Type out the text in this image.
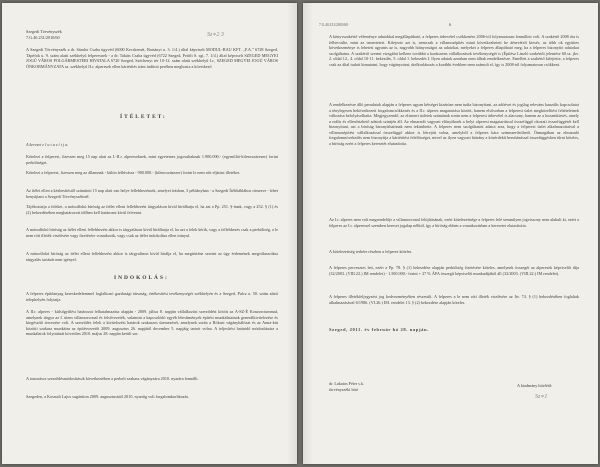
Szegedi Törvényszék
7.G.40.231/2010/60	Sz∗2 3
A Szegedi Törvényszék a dr. Sándor Csaba ügyvéd (6000 Kecskemét, Batsányi u. 3. 1/4.) által képviselt MODUL-BAU KFT. „F.A.” 6728 Szeged, Tápéfok u. 9. szám alatti székhelyű felperesnek - a dr. Takáts Csaba ügyvéd (6722 Szeged, Petőfi S. sgt. 7. 1/4.) által képviselt SZEGED MEGYEI JOGÚ VÁROS POLGÁRMESTERI HIVATALA 6720 Szeged, Széchenyi tér 10-12. szám alatti székhelyű I.r., SZEGED MEGYEI JOGÚ VÁROS ÖNKORMÁNYZATA sz. székhelyű II.r. alperesek ellen kártérítés iránt indított perében meghozta a következő
ÍTÉLETET:
A kereset e l u t a s í t j a.
Kötelezi a felperest, fizessen meg 15 nap alatt az I.-II.r. alpereseknek, mint egyetemes jogosultaknak 1.900.000.- (egymillió-kilencszázezer) forint perköltséget.
Kötelezi a felperest, fizessen meg az államnak - külön felhívásra - 900.000.- (kilencszázezer) forint le nem rótt eljárási illetéket.
Az ítélet ellen a kézbesítéstől számított 15 nap alatt van helye fellebbezésnek, amelyet írásban, 3 példányban - a Szegedi Ítélőtáblához címezve - lehet benyújtani a Szegedi Törvényszéknél.
Tájékoztatja a feleket, a másodfokú bíróság az ítélet elleni fellebbezést tárgyaláson kívül bírálhatja el, ha azt a Pp. 251. §-ának, vagy a 252. § (1) és (2) bekezdésében meghatározott időben kell határozni kívül felvenni.
A másodfokú bíróság az ítélet elleni fellebbezést akkor is tárgyaláson kívül bírálhatja el, ha azt a felek kérik, vagy a fellebbezés csak a perköltség, a le nem rótt illeték viselésére vagy fizetésére vonatkozik, vagy csak az ítélet indokolása ellen irányul.
A másodfokú bíróság az ítélet elleni fellebbezést akkor is tárgyaláson kívül bírálja el, ha megtörténe szerint az ügy érdemének megválaszolása tárgyalás tartását nem igényel.
INDOKOLÁS:
A felperes építőanyag kereskedelemmel foglalkozó gazdasági társaság, értékesítési tevékenységét székhelyén és a Szeged, Pulcz u. 50. szám alatti telephelyén folytatja.
A II.r. alperes - külsőgyűlési határozat felhatalmazása alapján - 2009. július 8. napján vállalkozási szerződést kötött az A-SZ-É Konzorciummal, amelynek tárgya az I. ütem villamosvonal és felsővezeték, valamint a kapcsolódó egyéb létesítmények építési munkálatainak generálkivitelezése és kiegészítő tervezése volt. A szerződés felek a kivitelezési határok szakaszos ütemezését, amelynek során a Rókusi vágányhálózat és az Anna-kút közötti szakasz munkáira az építésvezetői 2009. augusztus 26. napjától december 5. napjáig tartott volna. A teljesítési határidő módosítására a munkálatok folytatását követően 2010. május 28. napján került sor.
A tonozásos szerződésmódosítások következtében a perbeli szakasz vágányzára 2010. nyarára fennállt.
Szegeden, a Kossuth Lajos sugárúton 2009. augusztusától 2010. nyaráig volt forgalomkorlátozás.
7.G.40.231/2010/60	6
A könyvszakértő véleménye adatokkal megállapítható, a felperes árbevétel csökkenése 2006-tól folyamatosan fennállott volt. A szakértő 2008 óta is felbecsülte, mint az ismertetett. Kifejezte azt is, nemcsak a villamosépítés miatt következhetett be árbevételi kiesés, az több ok együttes következménye is lehetett ugyanis az is, nagyobb hiányosságot az adatokat, melyeket a felperes állapítható meg, ha a felperes bizonyító adatokat szolgáltatna. A szakértő szerint vizsgálni kellene továbbá a konkurens vállalkozások tevékenységét is (Építész László szakértői jelentése 60.sz. jkv. 2. oldal 12., 4. oldal 10-11. bekezdés, 5. oldal 1. bekezdés I. Ilyen adatok azonban nem álltak rendelkezésre. Emellett a szakértő kifejtette, a felperes csak az által tudott kimutatni, hogy vágányzárat, útelkorlátozás a korábbi években nem számolt el, így is 2008-tól folyamatosan csökkent.
A rendelkezésre álló peradatok alapján a felperes ugyan kétséget kizáróan nem tudta bizonyítani, az adóévet és jogilag releváns kauzális kapcsolatot a ténylegesen bekövetkezett forgalomcsökkenés és a II.r. alperes magatartása között, hanem elsősorban a felperesi üzlet megközelítési feltételeinek változása befolyásolhatta. Megjegyzendő, az elismert üzletek számának során nem a felperesi árbevétel is alacsony, hanem az a hozamkiesés, amely a reális és ellenőrizhető adatok szintjén áll. Az elmaradó vagyoni előnyöknek a helyi alperesi magatartással összefüggő okozati összefüggését kell bizonyítani, azt a bíróság bizonyíthatónak nem tekinthette. A felperes nem szolgáltatott adatot arra, hogy a felperesi üzlet alkalmazottaival a villamosépítési vállalkozással összefüggő akkor is létrejött volna, amelyből a felperes kára számszerűsíthető. Önmagában az elmaradó forgalomnövekedés nem bizonyítja a kártérítési felelősséget, mivel az ilyen vagyoni hátrány a közérdekű beruházással összefüggésben tűrni köteles, a bíróság ezért a felperes keresetét elutasította.
Az I.r. alperes nem volt megrendelője a villamosvonal felújításának, ezért kötelezettsége a felperes felé semmilyen jogviszony nem alakult ki, ezért a felperes az I.r. alperessel szemben kereset jogalap nélkül, így a bíróság ebben a vonatkozásban a keresetet elutasította.
A kötelezettség terhére részben a felperes köteles.
A felperes pervesztes lett, ezért a Pp. 78. § (1) bekezdése alapján perköltség fizetésére köteles, amelynek összegét az alperesek képviselői díja (32/2003. (VIII.22.) IM rendelet) - 1.500.000.- forint + 27 % ÁFA összegű képviselői munkadíjából áll (32/2003. (VIII.22.) IM rendelet).
A felperes illetékfeljegyzési jog kedvezményében részesült. A felperes a le nem rótt illeték viselésére az Itv. 74. § (1) bekezdésében foglaltak alkalmazásával 6/1986. (VI.26.) IM. rendelet 13. § (2) bekezdése alapján köteles.
Szeged, 2011. év február hó 28. napján.
dr. Lakatos Péter s.k.
törvényszéki bíró
A kiadmány hiteléül:
Sz∗1
